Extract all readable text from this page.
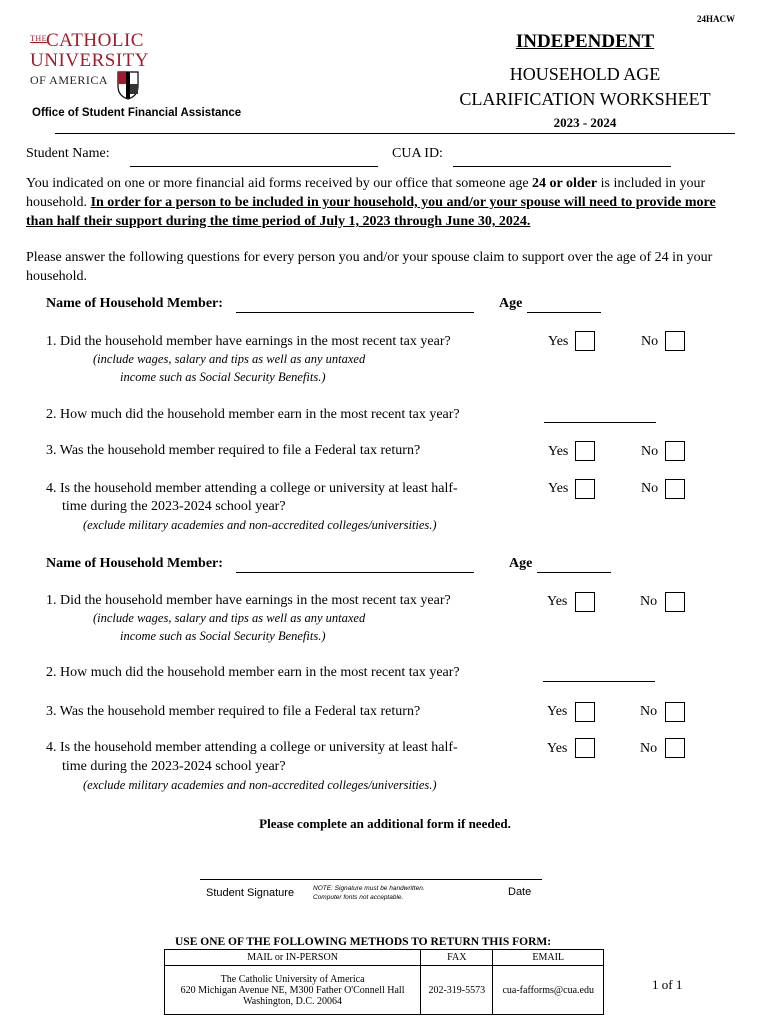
24HACW
THE
CATHOLIC
UNIVERSITY
OF AMERICA
Office of Student Financial Assistance
INDEPENDENT
HOUSEHOLD AGE
CLARIFICATION WORKSHEET
2023 - 2024
Student Name:	CUA ID:
You indicated on one or more financial aid forms received by our office that someone age 24 or older is included in your household. In order for a person to be included in your household, you and/or your spouse will need to provide more than half their support during the time period of July 1, 2023 through June 30, 2024.
Please answer the following questions for every person you and/or your spouse claim to support over the age of 24 in your household.
Name of Household Member:	Age
1. Did the household member have earnings in the most recent tax year?
(include wages, salary and tips as well as any untaxed
income such as Social Security Benefits.)
Yes	No
2. How much did the household member earn in the most recent tax year?
3. Was the household member required to file a Federal tax return?	Yes	No
4. Is the household member attending a college or university at least half-
time during the 2023-2024 school year?
(exclude military academies and non-accredited colleges/universities.)
Yes	No
Name of Household Member:	Age
1. Did the household member have earnings in the most recent tax year?
(include wages, salary and tips as well as any untaxed
income such as Social Security Benefits.)
Yes	No
2. How much did the household member earn in the most recent tax year?
3. Was the household member required to file a Federal tax return?	Yes	No
4. Is the household member attending a college or university at least half-
time during the 2023-2024 school year?
(exclude military academies and non-accredited colleges/universities.)
Yes	No
Please complete an additional form if needed.
Student Signature	NOTE: Signature must be handwritten.
Computer fonts not acceptable.	Date
USE ONE OF THE FOLLOWING METHODS TO RETURN THIS FORM:
MAIL or IN-PERSON	FAX	EMAIL

The Catholic University of America
620 Michigan Avenue NE, M300 Father O'Connell Hall
Washington, D.C. 20064	202-319-5573	cua-fafforms@cua.edu	1 of 1
